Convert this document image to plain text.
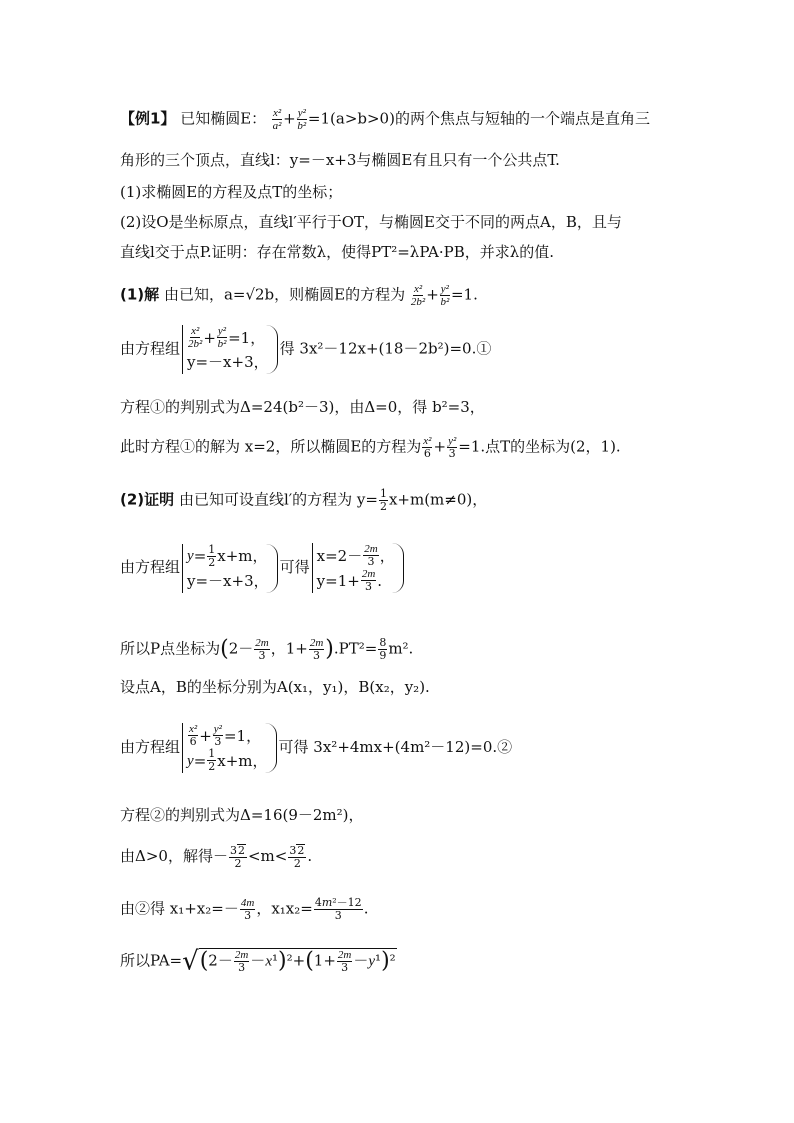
【例1】 已知椭圆E： $\frac{\text{x²}}{\text{a²}} + \frac{\text{y²}}{\text{b²}} =1(a>b>0)$的两个焦点与短轴的一个端点是直角三
角形的三个顶点，直线l：y=－x+3与椭圆E有且只有一个公共点T.
(1)求椭圆E的方程及点T的坐标；
(2)设O是坐标原点，直线l′平行于OT，与椭圆E交于不同的两点A，B，且与
直线l交于点P.证明：存在常数λ，使得PT²=λPA·PB，并求λ的值.
(1)解 由已知，a=√2b，则椭圆E的方程为 $\frac{\text{x²}}{\text{2b²}} + \frac{\text{y²}}{\text{b²}} =1$.
由方程组 $\frac{\text{x²}}{\text{2b²}} + \frac{\text{y²}}{\text{b²}} =1$，
y=－x+3，
得 3x²－12x+(18－2b²)=0.①
方程①的判别式为Δ=24(b²－3)，由Δ=0，得 b²=3，
此时方程①的解为 x=2，所以椭圆E的方程为 $\frac{\text{x²}}{6} + \frac{\text{y²}}{3} =1$.点T的坐标为(2，1).
(2)证明 由已知可设直线l′的方程为 $y= \frac{1}{2} x+m(m\ne 0)$，
由方程组
$y = \frac{1}{2} x+m$，
y=－x+3，
可得
$x=2- \frac{2m}{3}$ ，
$y=1+ \frac{2m}{3}$ .
所以P点坐标为($2- \frac{2m}{3}$ ，$1+ \frac{2m}{3} ).PT^2= \frac{8}{9} m^2$.
设点A，B的坐标分别为A(x₁，y₁)，B(x₂，y₂).
由方程组 $\frac{\text{x²}}{6} + \frac{\text{y²}}{3} =1$，
$y = \frac{1}{2} x+m$，
可得 3x²+4mx+(4m²－12)=0.②
方程②的判别式为Δ=16(9－2m²)，
由Δ>0，解得－ $\frac{32}{2} <m< \frac{32}{2}$ .
由②得 $x_1+x_2=- \frac{4m}{3}$ ，$x_1x_2= \frac{\text{4m²－12}}{3}$ .
所以$PA=√(2- \frac{2m}{3} -x^1)^2+(1+ \frac{2m}{3} -y^1)^2$
